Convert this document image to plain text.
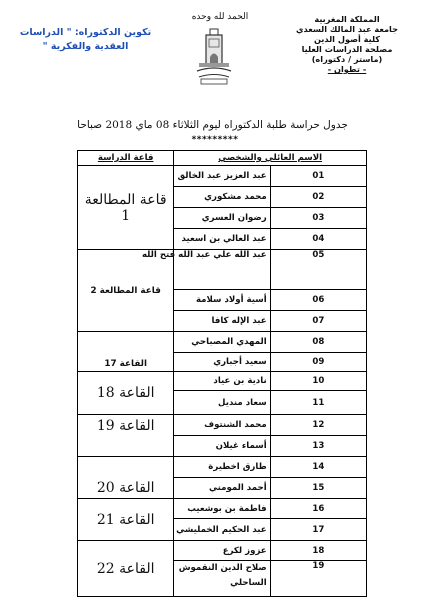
المملكة المغربية
جامعة عبد المالك السعدي
كلية أصول الدين
مصلحة الدراسات العليا
(ماستر / دكتوراه)
- تطوان -
الحمد لله وحده
تكوين الدكتوراه: " الدراسات
العقدية والفكرية "
جدول حراسة طلبة الدكتوراه ليوم الثلاثاء 08 ماي 2018 صباحا
*********
الاسم العائلي والشخصي		قاعة الدراسة
01	عبد العزيز عبد الخالق	قاعة المطالعة 1
02	محمد مشكوري	
03	رضوان العسري	
04	عبد العالي بن اسعيد	
05	عبد الله علي عبد الله فتح الله	قاعة المطالعة 2
06	أسية أولاد سلامة	
07	عبد الإله كافا	
08	المهدي المصباحي	القاعة 17
09	سعيد أجباري	
10	نادية بن عياد	القاعة 18
11	سعاد منديل	
12	محمد الشنتوف	القاعة 19
13	أسماء غيلان	
14	طارق اخطيرة	القاعة 20
15	أحمد المومني	
16	فاطمة بن بوشعيب	القاعة 21
17	عبد الحكيم الخمليشي	
18	عزوز لكرع	القاعة 22
19	صلاح الدين النقموش الساحلي	
